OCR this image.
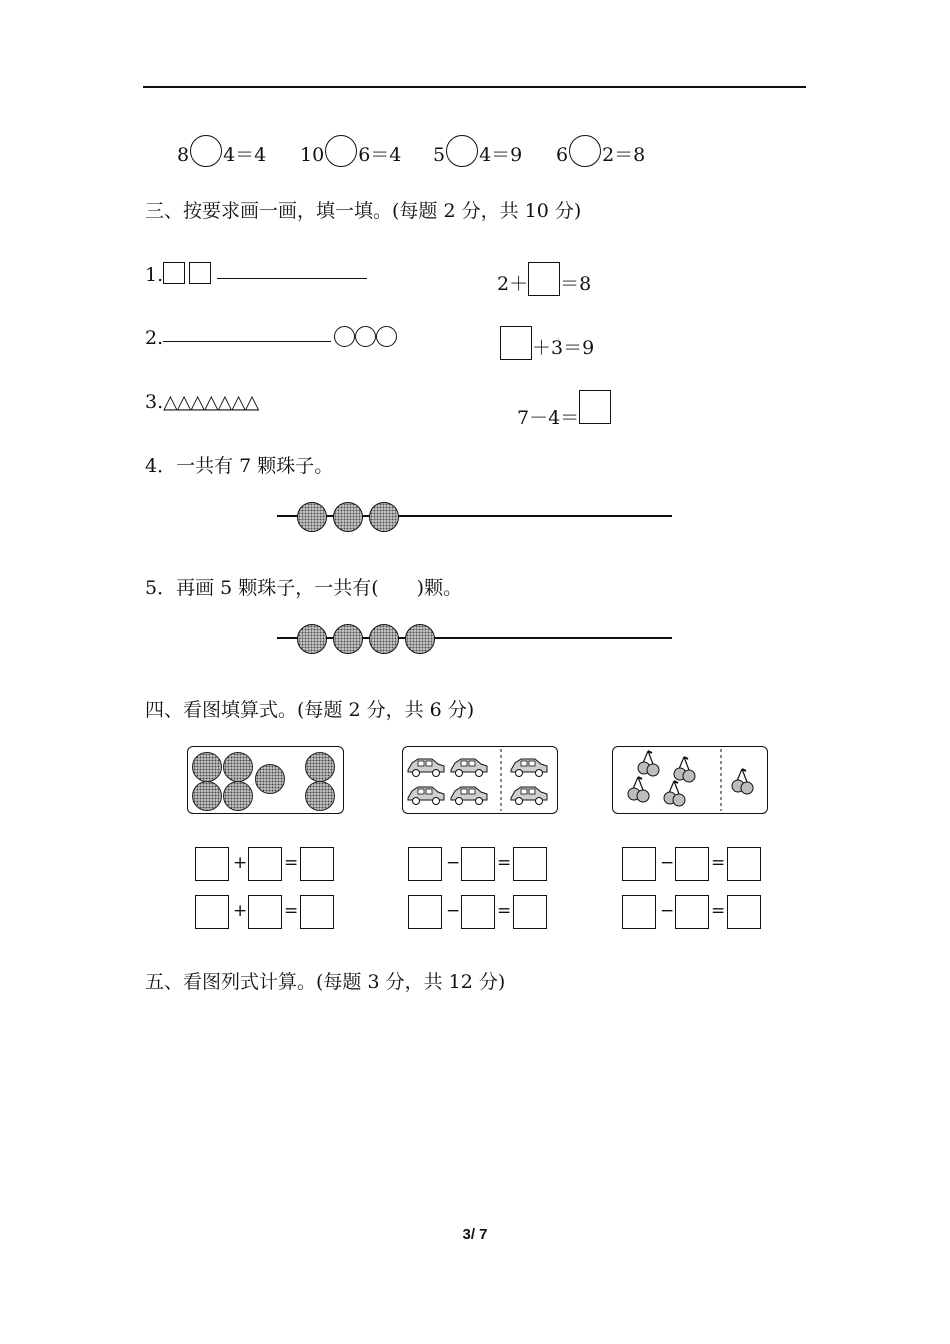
8 4＝4 10 6＝4 5 4＝9 6 2＝8
三、按要求画一画，填一填。(每题 2 分，共 10 分)
1.	2＋ ＝8
2.	＋3＝9
3.△△△△△△△
7－4＝
4．一共有 7 颗珠子。
5．再画 5 颗珠子，一共有(　　)颗。
四、看图填算式。(每题 2 分，共 6 分)
+ =
+ =
− =
− =
− =
− =
五、看图列式计算。(每题 3 分，共 12 分)
3/ 7
